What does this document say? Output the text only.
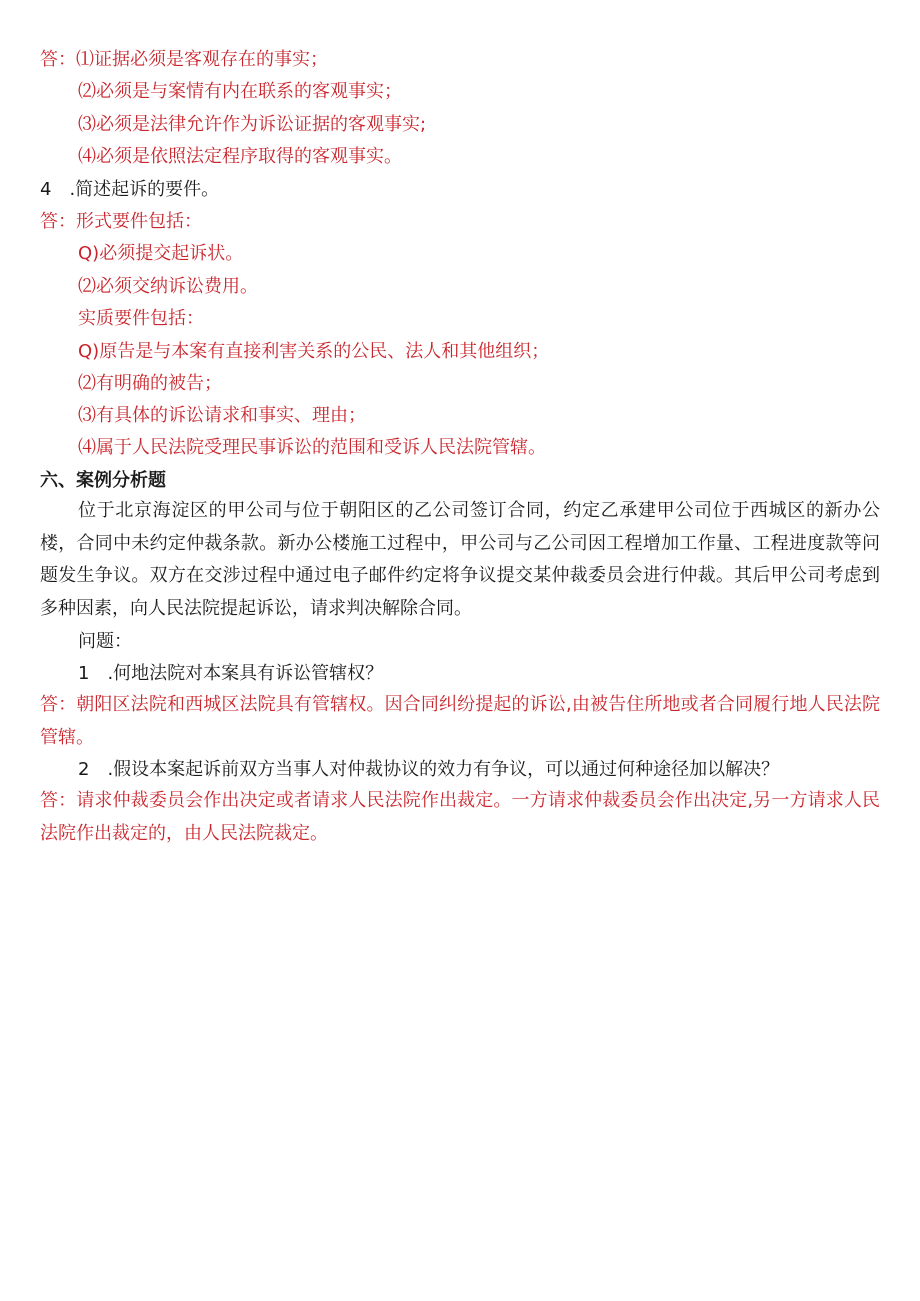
答：⑴证据必须是客观存在的事实；
⑵必须是与案情有内在联系的客观事实；
⑶必须是法律允许作为诉讼证据的客观事实;
⑷必须是依照法定程序取得的客观事实。
4 .简述起诉的要件。
答：形式要件包括：
Q)必须提交起诉状。
⑵必须交纳诉讼费用。
实质要件包括：
Q)原告是与本案有直接利害关系的公民、法人和其他组织；
⑵有明确的被告；
⑶有具体的诉讼请求和事实、理由；
⑷属于人民法院受理民事诉讼的范围和受诉人民法院管辖。
六、案例分析题
位于北京海淀区的甲公司与位于朝阳区的乙公司签订合同，约定乙承建甲公司位于西城区的新办公楼，合同中未约定仲裁条款。新办公楼施工过程中，甲公司与乙公司因工程增加工作量、工程进度款等问题发生争议。双方在交涉过程中通过电子邮件约定将争议提交某仲裁委员会进行仲裁。其后甲公司考虑到多种因素，向人民法院提起诉讼，请求判决解除合同。
问题：
1 .何地法院对本案具有诉讼管辖权？
答：朝阳区法院和西城区法院具有管辖权。因合同纠纷提起的诉讼,由被告住所地或者合同履行地人民法院管辖。
2 .假设本案起诉前双方当事人对仲裁协议的效力有争议，可以通过何种途径加以解决？
答：请求仲裁委员会作出决定或者请求人民法院作出裁定。一方请求仲裁委员会作出决定,另一方请求人民法院作出裁定的，由人民法院裁定。
